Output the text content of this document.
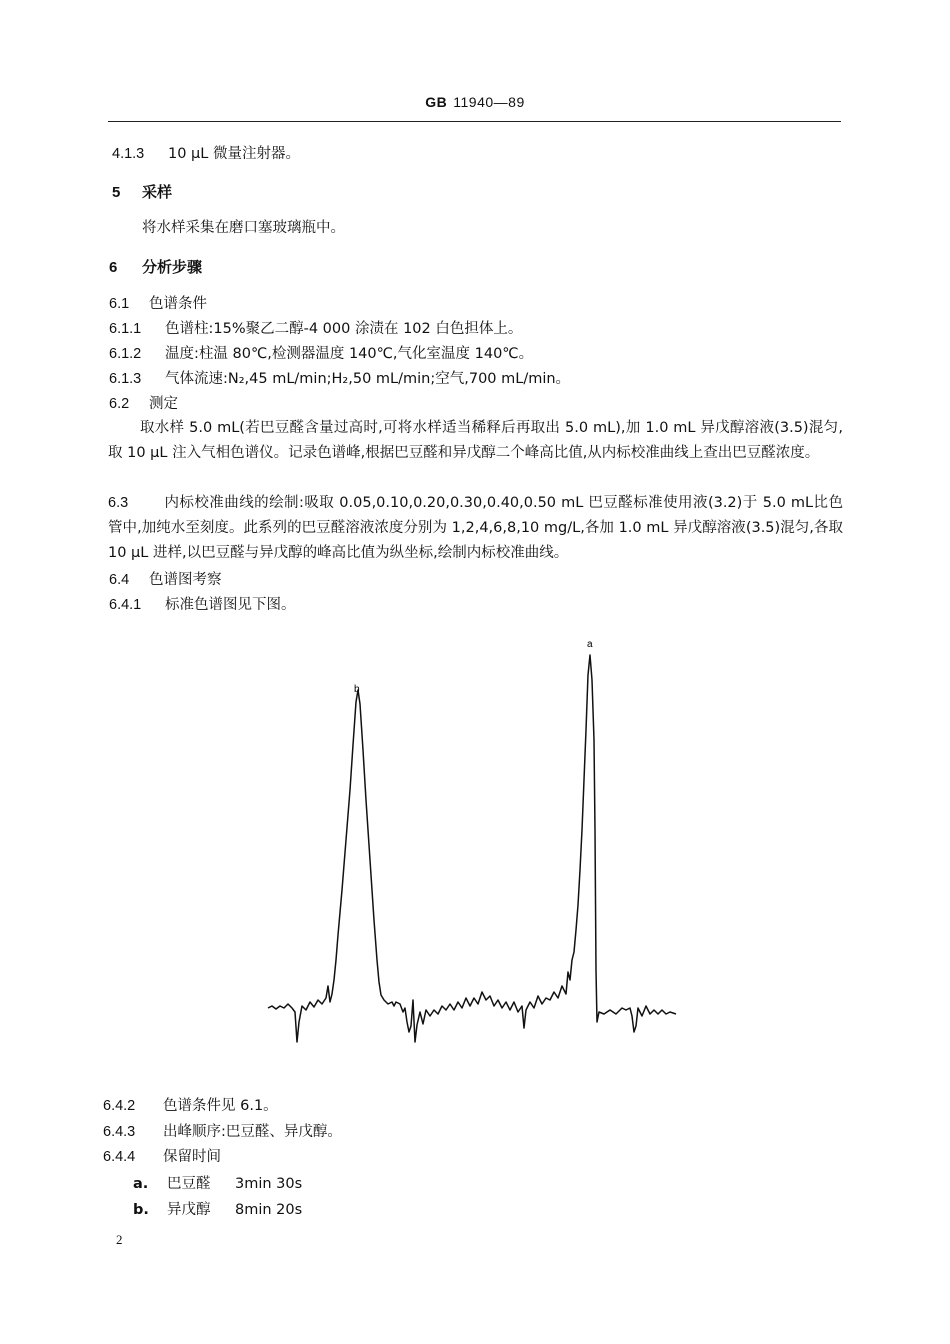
GB 11940—89
4.1.3 10 μL 微量注射器。
5 采样
将水样采集在磨口塞玻璃瓶中。
6 分析步骤
6.1 色谱条件
6.1.1 色谱柱:15%聚乙二醇-4 000 涂渍在 102 白色担体上。
6.1.2 温度:柱温 80℃,检测器温度 140℃,气化室温度 140℃。
6.1.3 气体流速:N₂,45 mL/min;H₂,50 mL/min;空气,700 mL/min。
6.2 测定

取水样 5.0 mL(若巴豆醛含量过高时,可将水样适当稀释后再取出 5.0 mL),加 1.0 mL 异戊醇溶液(3.5)混匀,取 10 μL 注入气相色谱仪。记录色谱峰,根据巴豆醛和异戊醇二个峰高比值,从内标校准曲线上查出巴豆醛浓度。

6.3 内标校准曲线的绘制:吸取 0.05,0.10,0.20,0.30,0.40,0.50 mL 巴豆醛标准使用液(3.2)于 5.0 mL比色管中,加纯水至刻度。此系列的巴豆醛溶液浓度分别为 1,2,4,6,8,10 mg/L,各加 1.0 mL 异戊醇溶液(3.5)混匀,各取 10 μL 进样,以巴豆醛与异戊醇的峰高比值为纵坐标,绘制内标校准曲线。

6.4 色谱图考察
6.4.1 标准色谱图见下图。
b
a
6.4.2 色谱条件见 6.1。
6.4.3 出峰顺序:巴豆醛、异戊醇。
6.4.4 保留时间
a. 巴豆醛 3min 30s
b. 异戊醇 8min 20s
2
